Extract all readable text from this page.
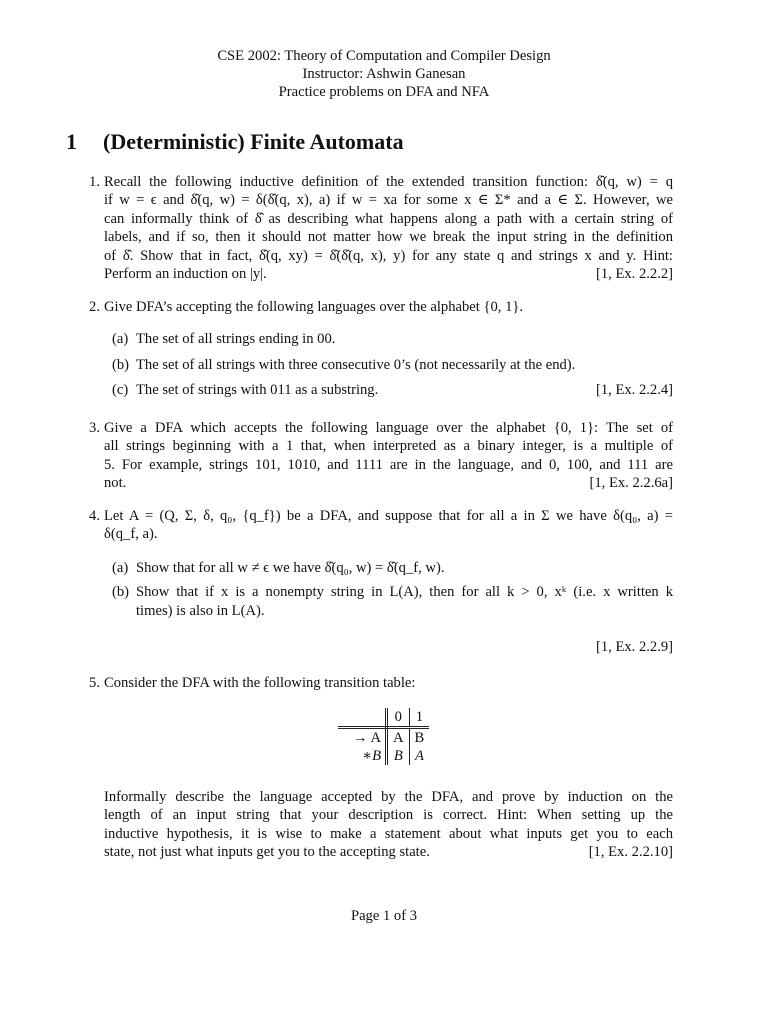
CSE 2002: Theory of Computation and Compiler Design
Instructor: Ashwin Ganesan
Practice problems on DFA and NFA
1 (Deterministic) Finite Automata
1. Recall the following inductive definition of the extended transition function: δ̂(q, w) = q
if w = ϵ and δ̂(q, w) = δ(δ̂(q, x), a) if w = xa for some x ∈ Σ* and a ∈ Σ. However, we
can informally think of δ̂ as describing what happens along a path with a certain string of
labels, and if so, then it should not matter how we break the input string in the definition
of δ̂. Show that in fact, δ̂(q, xy) = δ̂(δ̂(q, x), y) for any state q and strings x and y. Hint:
Perform an induction on |y|.	[1, Ex. 2.2.2]
2. Give DFA’s accepting the following languages over the alphabet {0, 1}.
(a) The set of all strings ending in 00.
(b) The set of all strings with three consecutive 0’s (not necessarily at the end).
(c) The set of strings with 011 as a substring.	[1, Ex. 2.2.4]
3. Give a DFA which accepts the following language over the alphabet {0, 1}: The set of
all strings beginning with a 1 that, when interpreted as a binary integer, is a multiple of
5. For example, strings 101, 1010, and 1111 are in the language, and 0, 100, and 111 are
not.	[1, Ex. 2.2.6a]
4. Let A = (Q, Σ, δ, q₀, {q_f}) be a DFA, and suppose that for all a in Σ we have δ(q₀, a) =
δ(q_f, a).
(a) Show that for all w ≠ ϵ we have δ̂(q₀, w) = δ̂(q_f, w).
(b) Show that if x is a nonempty string in L(A), then for all k > 0, xᵏ (i.e. x written k
times) is also in L(A).
[1, Ex. 2.2.9]
5. Consider the DFA with the following transition table:
	0	1
→ A	A	B
∗B	B	A
Informally describe the language accepted by the DFA, and prove by induction on the
length of an input string that your description is correct. Hint: When setting up the
inductive hypothesis, it is wise to make a statement about what inputs get you to each
state, not just what inputs get you to the accepting state.	[1, Ex. 2.2.10]
Page 1 of 3
